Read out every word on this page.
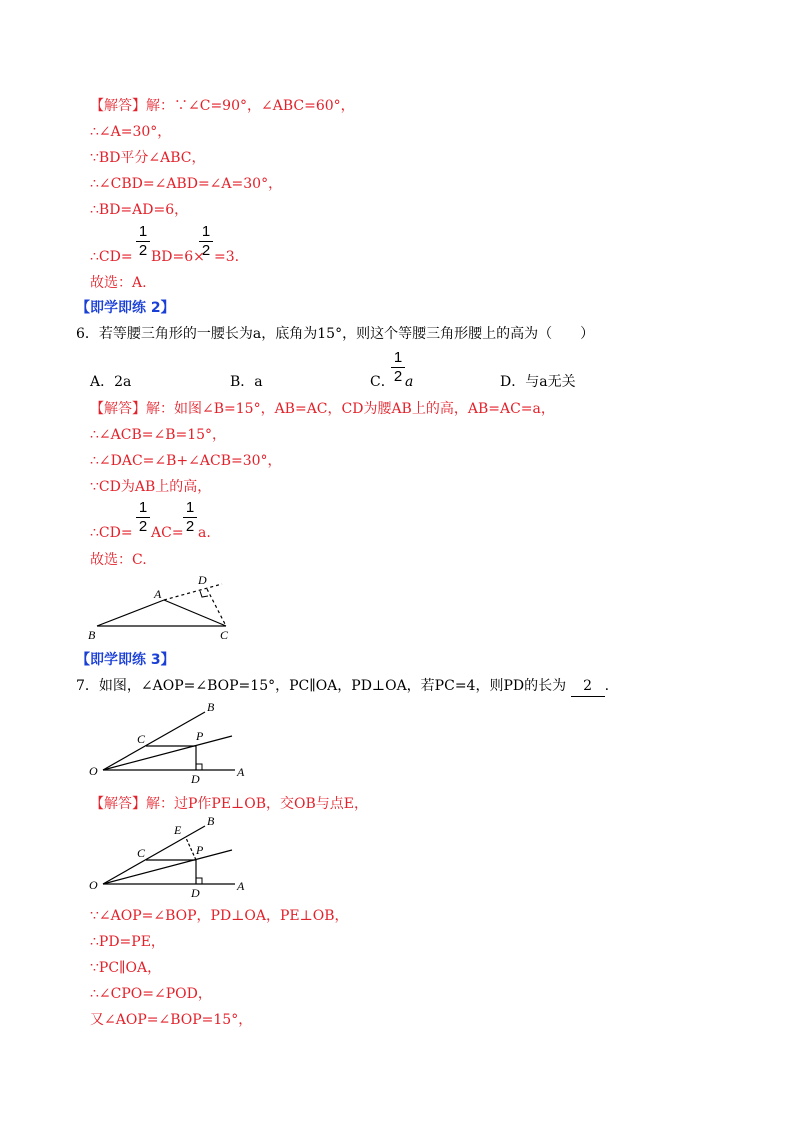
【解答】解：∵∠C=90°，∠ABC=60°，
∴∠A=30°，
∵BD平分∠ABC，
∴∠CBD=∠ABD=∠A=30°，
∴BD=AD=6，
∴CD=
1
2 BD=6×
1
2 =3.
故选：A.
【即学即练 2】
6．若等腰三角形的一腰长为a，底角为15°，则这个等腰三角形腰上的高为（　　）
A．2a	B．a	C．
1
2 a	D．与a无关
【解答】解：如图∠B=15°，AB=AC，CD为腰AB上的高，AB=AC=a，
∴∠ACB=∠B=15°，
∴∠DAC=∠B+∠ACB=30°，
∵CD为AB上的高，
∴CD=
1
2 AC=
1
2 a.
故选：C.
B
A
C
D
【即学即练 3】
7．如图，∠AOP=∠BOP=15°，PC∥OA，PD⊥OA，若PC=4，则PD的长为 2 .
O	A
B
C	P
D
【解答】解：过P作PE⊥OB，交OB与点E，
O	A
B
C	P
D
E
∵∠AOP=∠BOP，PD⊥OA，PE⊥OB，
∴PD=PE，
∵PC∥OA，
∴∠CPO=∠POD，
又∠AOP=∠BOP=15°，
